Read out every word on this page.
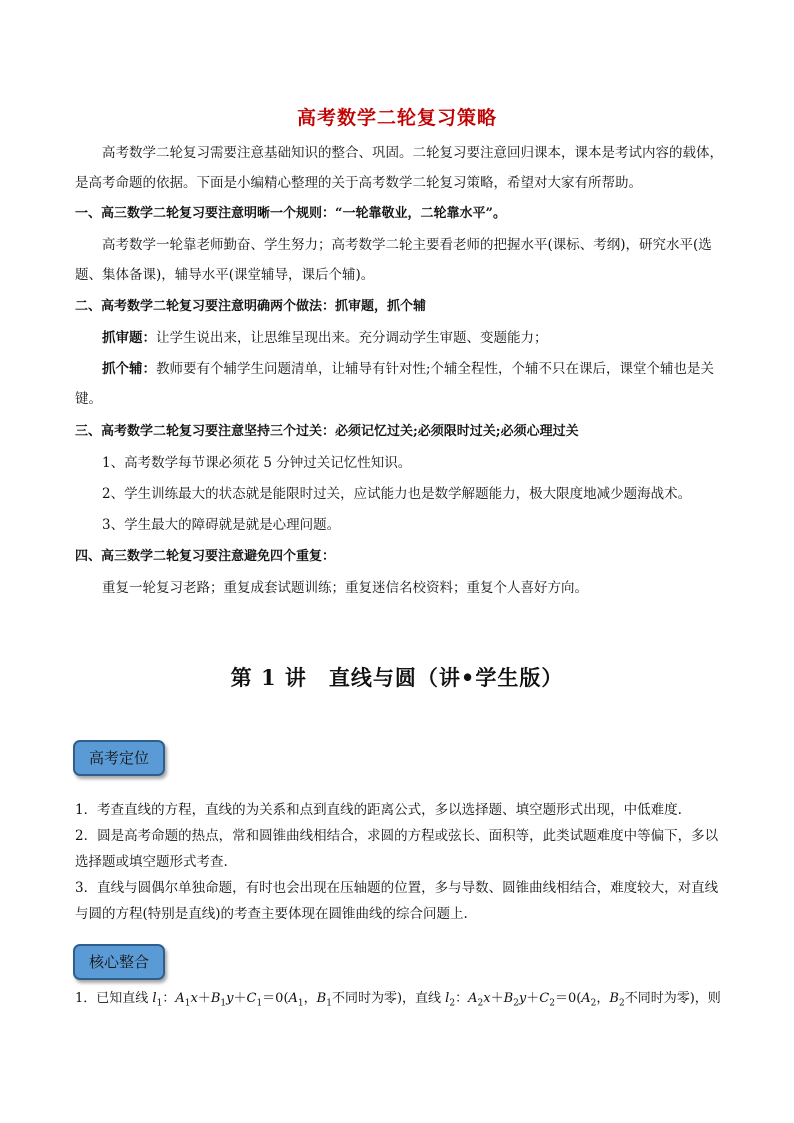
高考数学二轮复习策略
高考数学二轮复习需要注意基础知识的整合、巩固。二轮复习要注意回归课本，课本是考试内容的载体，是高考命题的依据。下面是小编精心整理的关于高考数学二轮复习策略，希望对大家有所帮助。
一、高三数学二轮复习要注意明晰一个规则：“一轮靠敬业，二轮靠水平”。
高考数学一轮靠老师勤奋、学生努力；高考数学二轮主要看老师的把握水平(课标、考纲)，研究水平(选题、集体备课)，辅导水平(课堂辅导，课后个辅)。
二、高考数学二轮复习要注意明确两个做法：抓审题，抓个辅
抓审题：让学生说出来，让思维呈现出来。充分调动学生审题、变题能力；
抓个辅：教师要有个辅学生问题清单，让辅导有针对性;个辅全程性，个辅不只在课后，课堂个辅也是关键。
三、高考数学二轮复习要注意坚持三个过关：必须记忆过关;必须限时过关;必须心理过关
1、高考数学每节课必须花 5 分钟过关记忆性知识。
2、学生训练最大的状态就是能限时过关，应试能力也是数学解题能力，极大限度地减少题海战术。
3、学生最大的障碍就是就是心理问题。
四、高三数学二轮复习要注意避免四个重复：
重复一轮复习老路；重复成套试题训练；重复迷信名校资料；重复个人喜好方向。
第 1 讲　直线与圆（讲•学生版）
高考定位
1．考查直线的方程，直线的为关系和点到直线的距离公式，多以选择题、填空题形式出现，中低难度.
2．圆是高考命题的热点，常和圆锥曲线相结合，求圆的方程或弦长、面积等，此类试题难度中等偏下，多以选择题或填空题形式考查.
3．直线与圆偶尔单独命题，有时也会出现在压轴题的位置，多与导数、圆锥曲线相结合，难度较大，对直线与圆的方程(特别是直线)的考查主要体现在圆锥曲线的综合问题上.
核心整合
1．已知直线 $l_1$：$A_1x+B_1y+C_1=0(A_1$，$B_1$不同时为零)，直线 $l_2$：$A_2x+B_2y+C_2=0(A_2$，$B_2$不同时为零)，则
